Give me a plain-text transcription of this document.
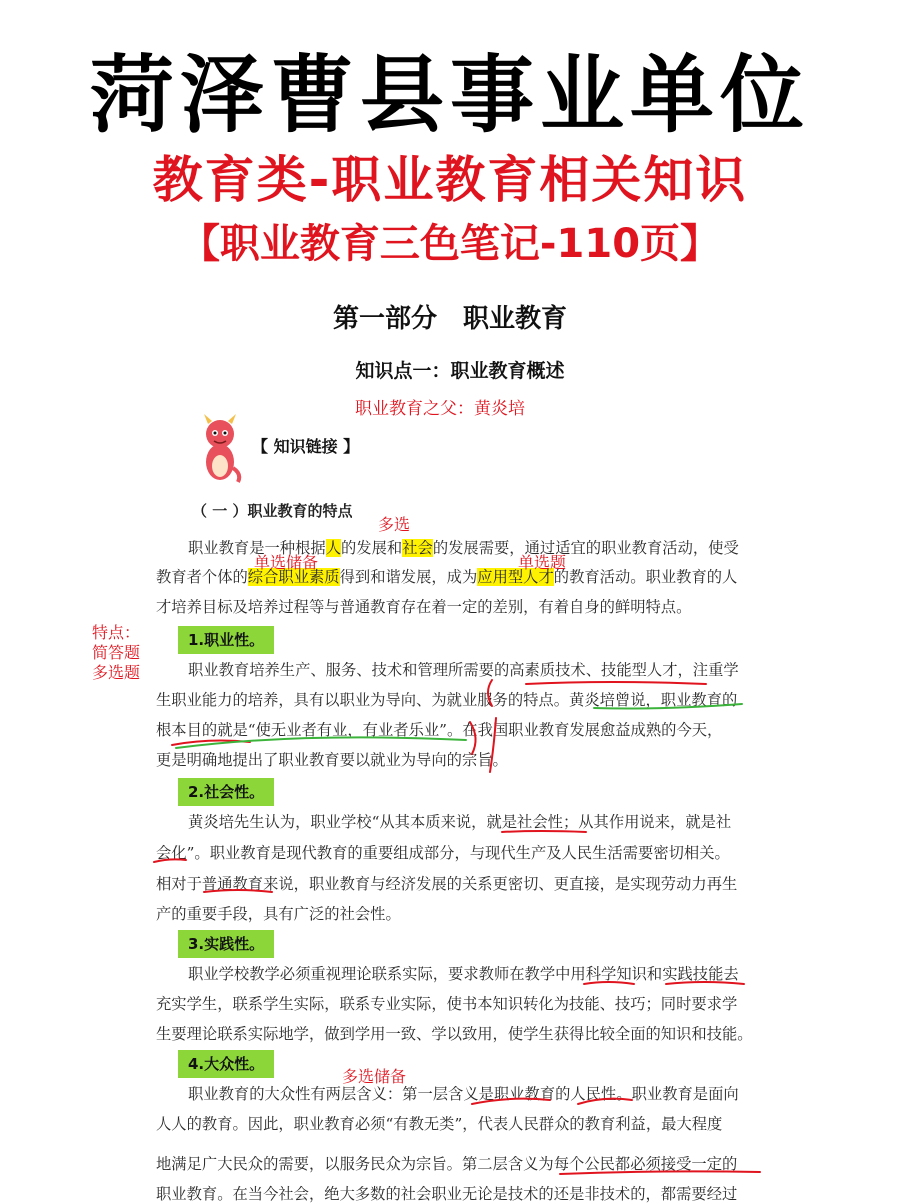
菏泽曹县事业单位
教育类-职业教育相关知识
【职业教育三色笔记-110页】
第一部分　职业教育
知识点一：职业教育概述
职业教育之父：黄炎培
【 知识链接 】
（ 一 ）职业教育的特点
职业教育是一种根据人的发展和社会的发展需要，通过适宜的职业教育活动，使受
教育者个体的综合职业素质得到和谐发展，成为应用型人才的教育活动。职业教育的人
才培养目标及培养过程等与普通教育存在着一定的差别，有着自身的鲜明特点。
1.职业性。
职业教育培养生产、服务、技术和管理所需要的高素质技术、技能型人才，注重学
生职业能力的培养，具有以职业为导向、为就业服务的特点。黄炎培曾说，职业教育的
根本目的就是“使无业者有业，有业者乐业”。在我国职业教育发展愈益成熟的今天，
更是明确地提出了职业教育要以就业为导向的宗旨。
2.社会性。
黄炎培先生认为，职业学校“从其本质来说，就是社会性；从其作用说来，就是社
会化”。职业教育是现代教育的重要组成部分，与现代生产及人民生活需要密切相关。
相对于普通教育来说，职业教育与经济发展的关系更密切、更直接，是实现劳动力再生
产的重要手段，具有广泛的社会性。
3.实践性。
职业学校教学必须重视理论联系实际，要求教师在教学中用科学知识和实践技能去
充实学生，联系学生实际，联系专业实际，使书本知识转化为技能、技巧；同时要求学
生要理论联系实际地学，做到学用一致、学以致用，使学生获得比较全面的知识和技能。
4.大众性。
职业教育的大众性有两层含义：第一层含义是职业教育的人民性。职业教育是面向
人人的教育。因此，职业教育必须“有教无类”，代表人民群众的教育利益，最大程度
地满足广大民众的需要，以服务民众为宗旨。第二层含义为每个公民都必须接受一定的
职业教育。在当今社会，绝大多数的社会职业无论是技术的还是非技术的，都需要经过
多选
单选储备	单选题
特点：
简答题
多选题
多选储备
